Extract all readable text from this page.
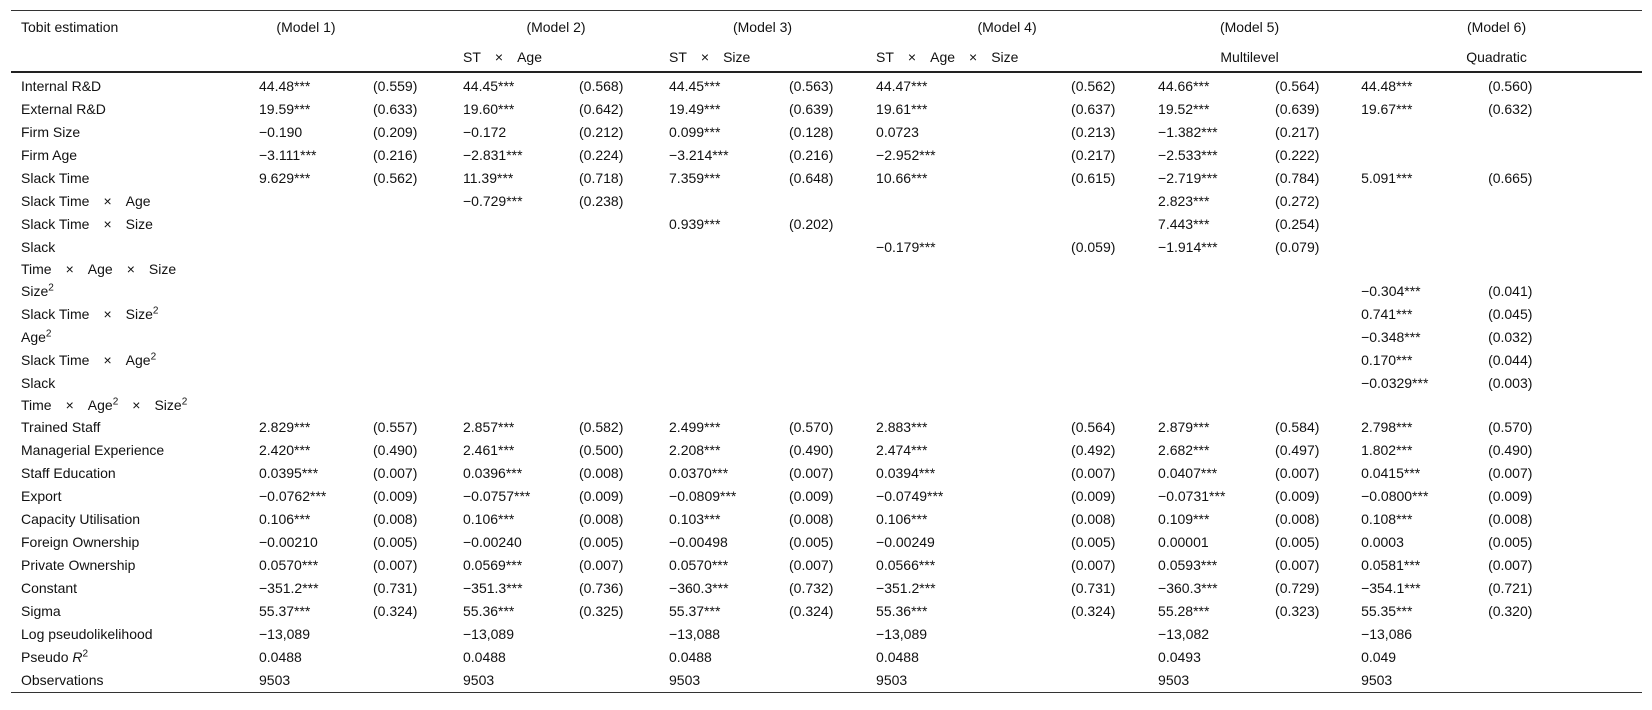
Tobit estimation	(Model 1)		(Model 2)		(Model 3)		(Model 4)		(Model 5)		(Model 6)	
			ST × Age		ST × Size		ST × Age × Size		Multilevel		Quadratic	
Internal R&D	44.48***	(0.559)	44.45***	(0.568)	44.45***	(0.563)	44.47***	(0.562)	44.66***	(0.564)	44.48***	(0.560)
External R&D	19.59***	(0.633)	19.60***	(0.642)	19.49***	(0.639)	19.61***	(0.637)	19.52***	(0.639)	19.67***	(0.632)
Firm Size	−0.190	(0.209)	−0.172	(0.212)	0.099***	(0.128)	0.0723	(0.213)	−1.382***	(0.217)		
Firm Age	−3.111***	(0.216)	−2.831***	(0.224)	−3.214***	(0.216)	−2.952***	(0.217)	−2.533***	(0.222)		
Slack Time	9.629***	(0.562)	11.39***	(0.718)	7.359***	(0.648)	10.66***	(0.615)	−2.719***	(0.784)	5.091***	(0.665)
Slack Time × Age			−0.729***	(0.238)					2.823***	(0.272)		
Slack Time × Size					0.939***	(0.202)			7.443***	(0.254)		
Slack
Time × Age × Size							−0.179***	(0.059)	−1.914***	(0.079)		
Size$^2$											−0.304***	(0.041)
Slack Time × Size$^2$											0.741***	(0.045)
Age$^2$											−0.348***	(0.032)
Slack Time × Age$^2$											0.170***	(0.044)
Slack
Time × Age$^2$ × Size$^2$											−0.0329***	(0.003)
Trained Staff	2.829***	(0.557)	2.857***	(0.582)	2.499***	(0.570)	2.883***	(0.564)	2.879***	(0.584)	2.798***	(0.570)
Managerial Experience	2.420***	(0.490)	2.461***	(0.500)	2.208***	(0.490)	2.474***	(0.492)	2.682***	(0.497)	1.802***	(0.490)
Staff Education	0.0395***	(0.007)	0.0396***	(0.008)	0.0370***	(0.007)	0.0394***	(0.007)	0.0407***	(0.007)	0.0415***	(0.007)
Export	−0.0762***	(0.009)	−0.0757***	(0.009)	−0.0809***	(0.009)	−0.0749***	(0.009)	−0.0731***	(0.009)	−0.0800***	(0.009)
Capacity Utilisation	0.106***	(0.008)	0.106***	(0.008)	0.103***	(0.008)	0.106***	(0.008)	0.109***	(0.008)	0.108***	(0.008)
Foreign Ownership	−0.00210	(0.005)	−0.00240	(0.005)	−0.00498	(0.005)	−0.00249	(0.005)	0.00001	(0.005)	0.0003	(0.005)
Private Ownership	0.0570***	(0.007)	0.0569***	(0.007)	0.0570***	(0.007)	0.0566***	(0.007)	0.0593***	(0.007)	0.0581***	(0.007)
Constant	−351.2***	(0.731)	−351.3***	(0.736)	−360.3***	(0.732)	−351.2***	(0.731)	−360.3***	(0.729)	−354.1***	(0.721)
Sigma	55.37***	(0.324)	55.36***	(0.325)	55.37***	(0.324)	55.36***	(0.324)	55.28***	(0.323)	55.35***	(0.320)
Log pseudolikelihood	−13,089		−13,089		−13,088		−13,089		−13,082		−13,086	
Pseudo $R^2$	0.0488		0.0488		0.0488		0.0488		0.0493		0.049	
Observations	9503		9503		9503		9503		9503		9503	
